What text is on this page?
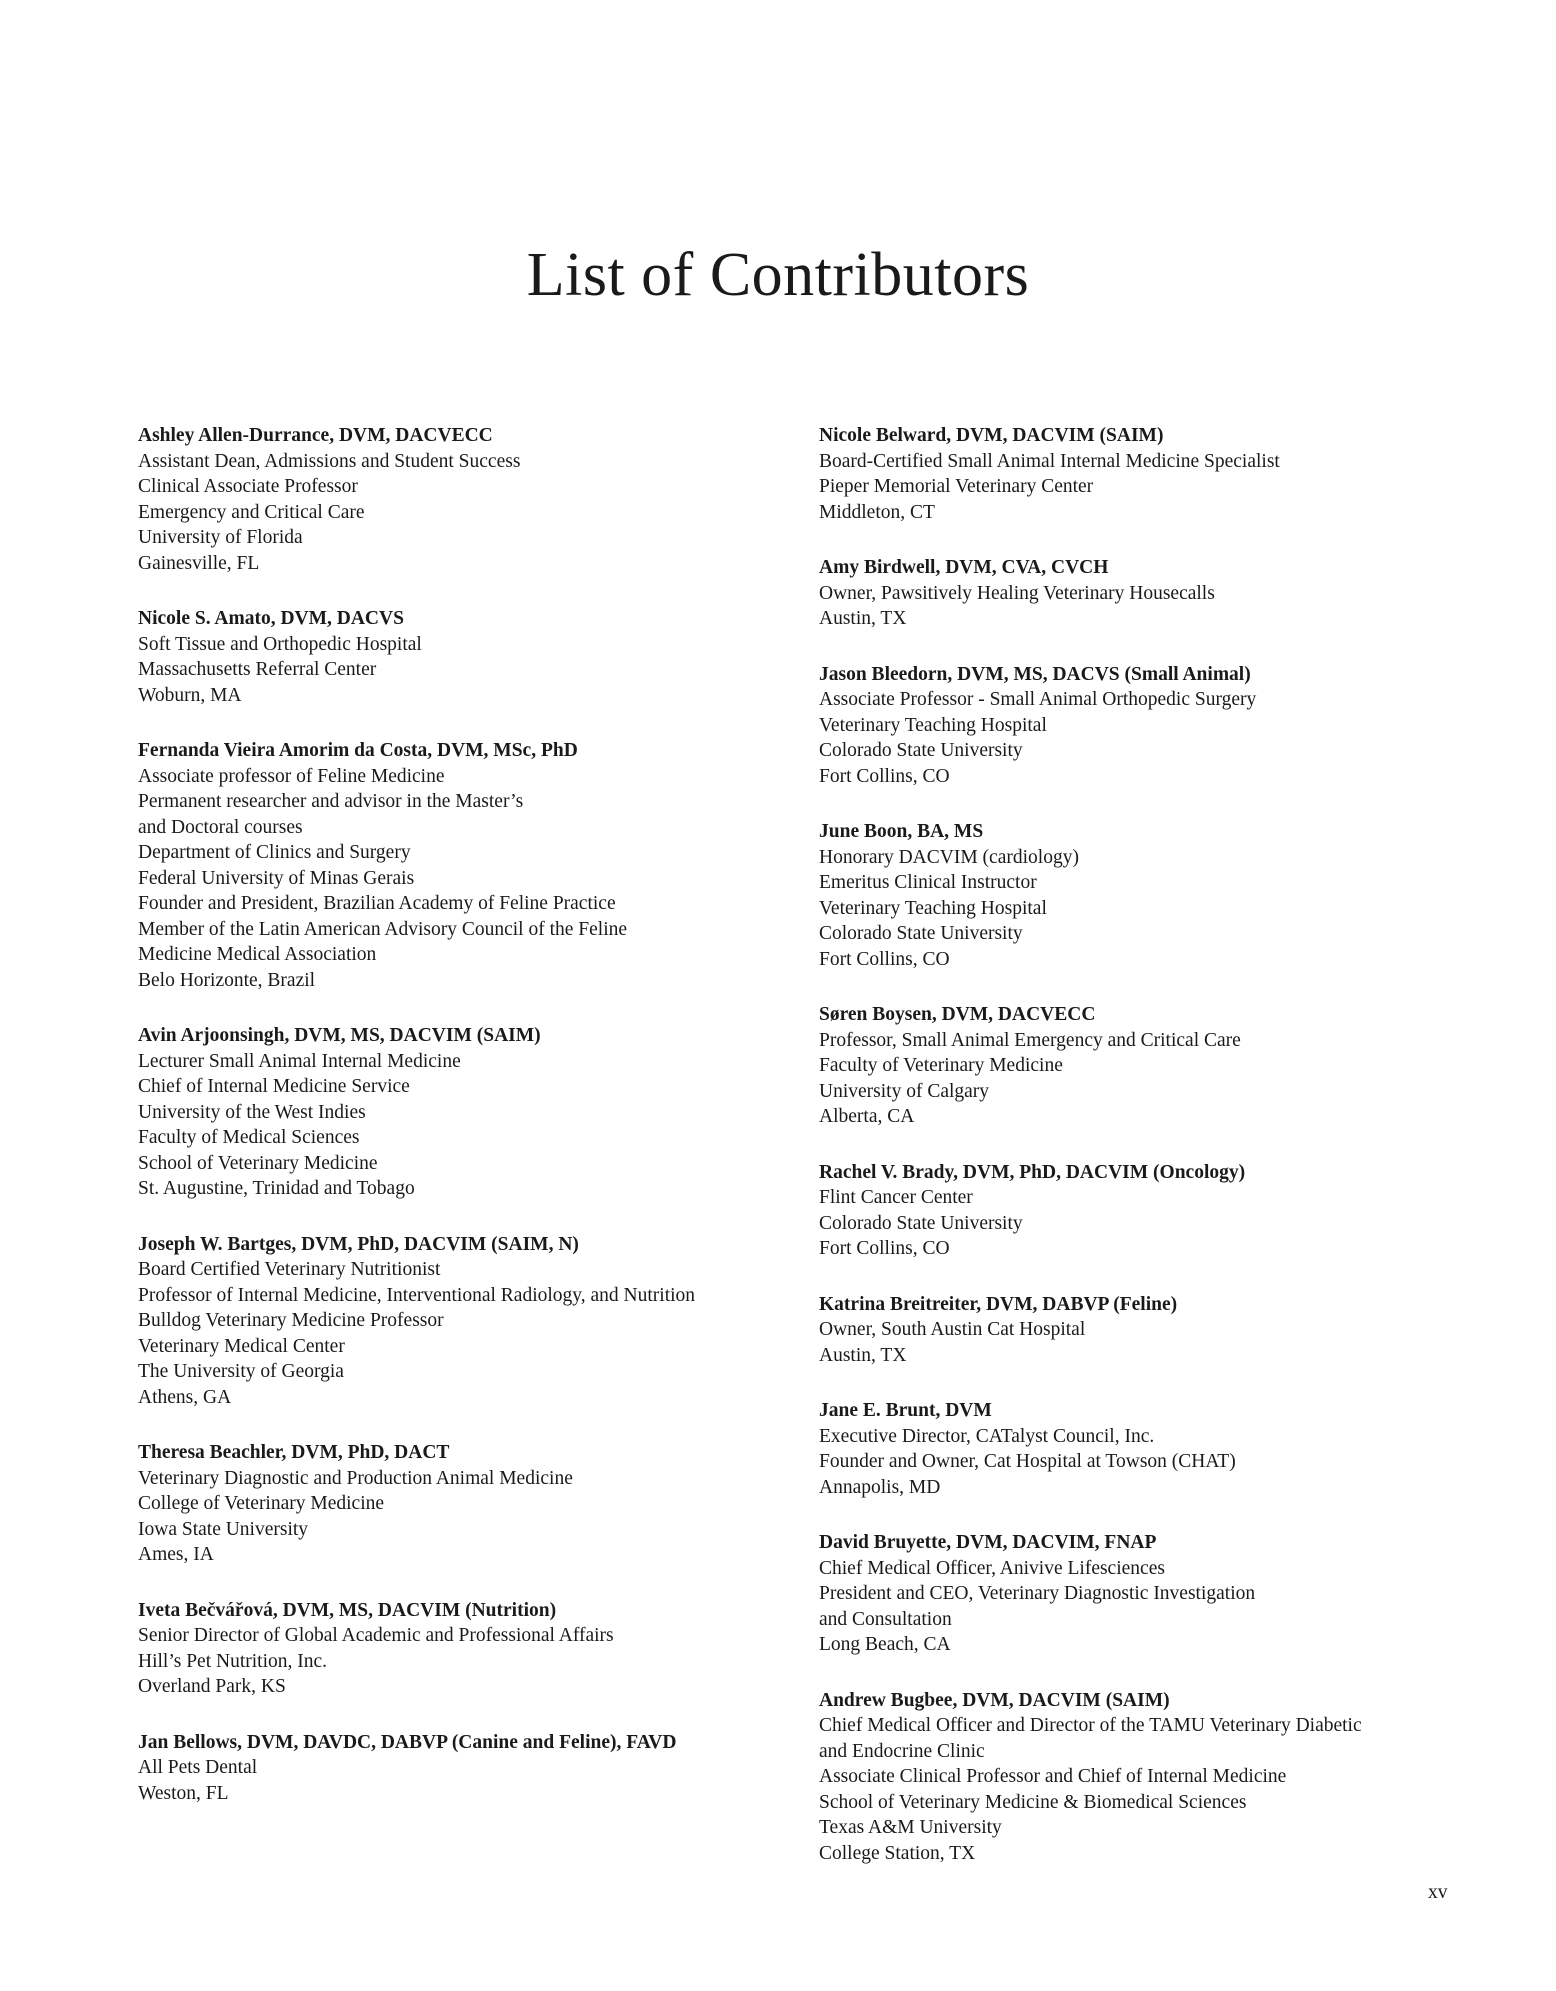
List of Contributors
Ashley Allen-Durrance, DVM, DACVECC
Assistant Dean, Admissions and Student Success
Clinical Associate Professor
Emergency and Critical Care
University of Florida
Gainesville, FL
Nicole S. Amato, DVM, DACVS
Soft Tissue and Orthopedic Hospital
Massachusetts Referral Center
Woburn, MA
Fernanda Vieira Amorim da Costa, DVM, MSc, PhD
Associate professor of Feline Medicine
Permanent researcher and advisor in the Master’s
and Doctoral courses
Department of Clinics and Surgery
Federal University of Minas Gerais
Founder and President, Brazilian Academy of Feline Practice
Member of the Latin American Advisory Council of the Feline
Medicine Medical Association
Belo Horizonte, Brazil
Avin Arjoonsingh, DVM, MS, DACVIM (SAIM)
Lecturer Small Animal Internal Medicine
Chief of Internal Medicine Service
University of the West Indies
Faculty of Medical Sciences
School of Veterinary Medicine
St. Augustine, Trinidad and Tobago
Joseph W. Bartges, DVM, PhD, DACVIM (SAIM, N)
Board Certified Veterinary Nutritionist
Professor of Internal Medicine, Interventional Radiology, and Nutrition
Bulldog Veterinary Medicine Professor
Veterinary Medical Center
The University of Georgia
Athens, GA
Theresa Beachler, DVM, PhD, DACT
Veterinary Diagnostic and Production Animal Medicine
College of Veterinary Medicine
Iowa State University
Ames, IA
Iveta Bečvářová, DVM, MS, DACVIM (Nutrition)
Senior Director of Global Academic and Professional Affairs
Hill’s Pet Nutrition, Inc.
Overland Park, KS
Jan Bellows, DVM, DAVDC, DABVP (Canine and Feline), FAVD
All Pets Dental
Weston, FL
Nicole Belward, DVM, DACVIM (SAIM)
Board-Certified Small Animal Internal Medicine Specialist
Pieper Memorial Veterinary Center
Middleton, CT
Amy Birdwell, DVM, CVA, CVCH
Owner, Pawsitively Healing Veterinary Housecalls
Austin, TX
Jason Bleedorn, DVM, MS, DACVS (Small Animal)
Associate Professor - Small Animal Orthopedic Surgery
Veterinary Teaching Hospital
Colorado State University
Fort Collins, CO
June Boon, BA, MS
Honorary DACVIM (cardiology)
Emeritus Clinical Instructor
Veterinary Teaching Hospital
Colorado State University
Fort Collins, CO
Søren Boysen, DVM, DACVECC
Professor, Small Animal Emergency and Critical Care
Faculty of Veterinary Medicine
University of Calgary
Alberta, CA
Rachel V. Brady, DVM, PhD, DACVIM (Oncology)
Flint Cancer Center
Colorado State University
Fort Collins, CO
Katrina Breitreiter, DVM, DABVP (Feline)
Owner, South Austin Cat Hospital
Austin, TX
Jane E. Brunt, DVM
Executive Director, CATalyst Council, Inc.
Founder and Owner, Cat Hospital at Towson (CHAT)
Annapolis, MD
David Bruyette, DVM, DACVIM, FNAP
Chief Medical Officer, Anivive Lifesciences
President and CEO, Veterinary Diagnostic Investigation
and Consultation
Long Beach, CA
Andrew Bugbee, DVM, DACVIM (SAIM)
Chief Medical Officer and Director of the TAMU Veterinary Diabetic
and Endocrine Clinic
Associate Clinical Professor and Chief of Internal Medicine
School of Veterinary Medicine & Biomedical Sciences
Texas A&M University
College Station, TX
xv
